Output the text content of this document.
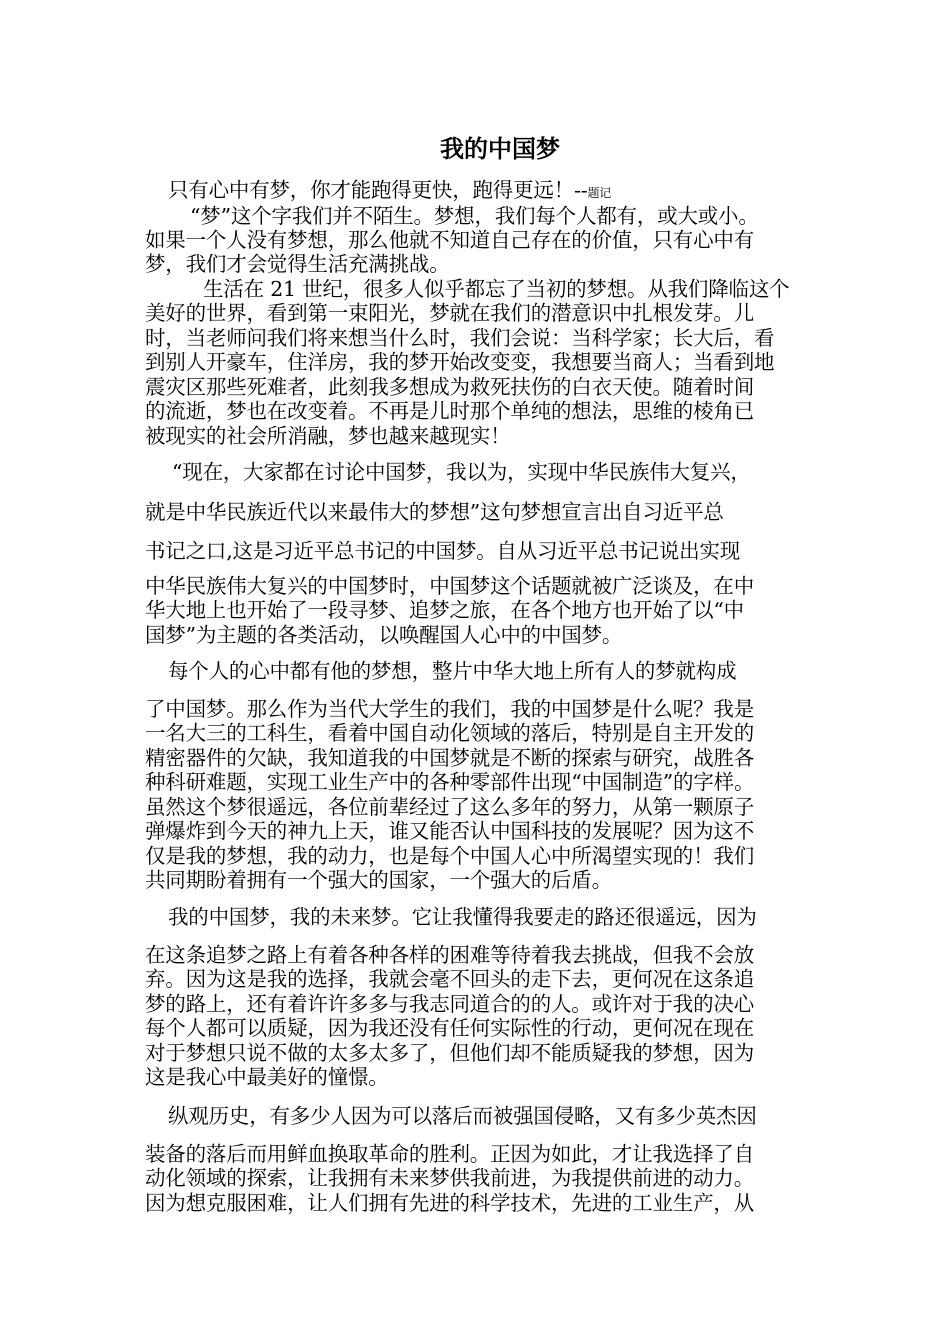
我的中国梦
只有心中有梦，你才能跑得更快，跑得更远！--题记
“梦”这个字我们并不陌生。梦想，我们每个人都有，或大或小。
如果一个人没有梦想，那么他就不知道自己存在的价值，只有心中有
梦，我们才会觉得生活充满挑战。
生活在 21 世纪，很多人似乎都忘了当初的梦想。从我们降临这个
美好的世界，看到第一束阳光，梦就在我们的潜意识中扎根发芽。儿
时，当老师问我们将来想当什么时，我们会说：当科学家；长大后，看
到别人开豪车，住洋房，我的梦开始改变变，我想要当商人；当看到地
震灾区那些死难者，此刻我多想成为救死扶伤的白衣天使。随着时间
的流逝，梦也在改变着。不再是儿时那个单纯的想法，思维的棱角已
被现实的社会所消融，梦也越来越现实！
“现在，大家都在讨论中国梦，我以为，实现中华民族伟大复兴，
就是中华民族近代以来最伟大的梦想”这句梦想宣言出自习近平总
书记之口,这是习近平总书记的中国梦。自从习近平总书记说出实现
中华民族伟大复兴的中国梦时，中国梦这个话题就被广泛谈及，在中
华大地上也开始了一段寻梦、追梦之旅，在各个地方也开始了以“中
国梦”为主题的各类活动，以唤醒国人心中的中国梦。
每个人的心中都有他的梦想，整片中华大地上所有人的梦就构成
了中国梦。那么作为当代大学生的我们，我的中国梦是什么呢？我是
一名大三的工科生，看着中国自动化领域的落后，特别是自主开发的
精密器件的欠缺，我知道我的中国梦就是不断的探索与研究，战胜各
种科研难题，实现工业生产中的各种零部件出现“中国制造”的字样。
虽然这个梦很遥远，各位前辈经过了这么多年的努力，从第一颗原子
弹爆炸到今天的神九上天，谁又能否认中国科技的发展呢？因为这不
仅是我的梦想，我的动力，也是每个中国人心中所渴望实现的！我们
共同期盼着拥有一个强大的国家，一个强大的后盾。
我的中国梦，我的未来梦。它让我懂得我要走的路还很遥远，因为
在这条追梦之路上有着各种各样的困难等待着我去挑战，但我不会放
弃。因为这是我的选择，我就会毫不回头的走下去，更何况在这条追
梦的路上，还有着许许多多与我志同道合的的人。或许对于我的决心
每个人都可以质疑，因为我还没有任何实际性的行动，更何况在现在
对于梦想只说不做的太多太多了，但他们却不能质疑我的梦想，因为
这是我心中最美好的憧憬。
纵观历史，有多少人因为可以落后而被强国侵略，又有多少英杰因
装备的落后而用鲜血换取革命的胜利。正因为如此，才让我选择了自
动化领域的探索，让我拥有未来梦供我前进，为我提供前进的动力。
因为想克服困难，让人们拥有先进的科学技术，先进的工业生产，从
